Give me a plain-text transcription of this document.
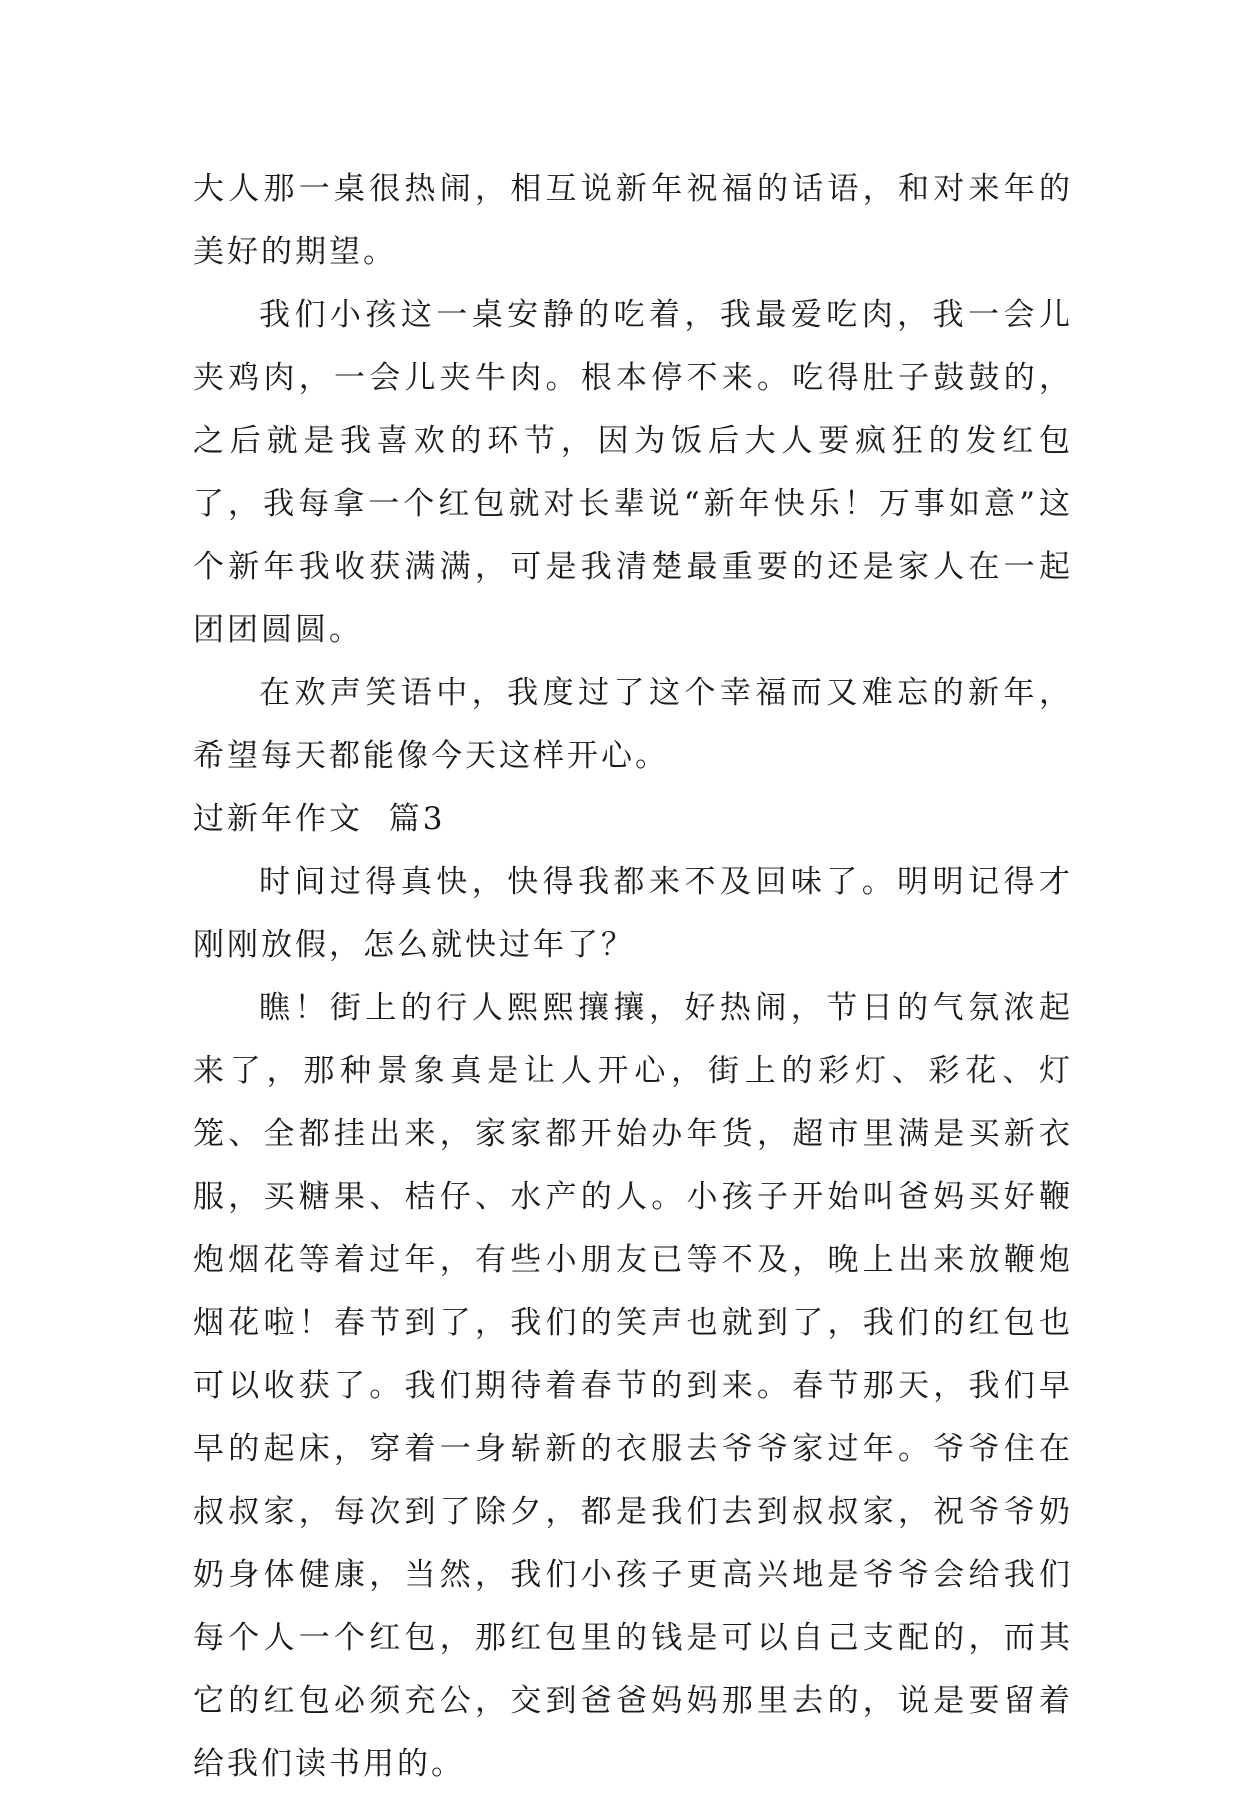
大人那一桌很热闹，相互说新年祝福的话语，和对来年的美好的期望。

我们小孩这一桌安静的吃着，我最爱吃肉，我一会儿夹鸡肉，一会儿夹牛肉。根本停不来。吃得肚子鼓鼓的，之后就是我喜欢的环节，因为饭后大人要疯狂的发红包了，我每拿一个红包就对长辈说“新年快乐！万事如意”这个新年我收获满满，可是我清楚最重要的还是家人在一起团团圆圆。

在欢声笑语中，我度过了这个幸福而又难忘的新年，希望每天都能像今天这样开心。

过新年作文  篇3

时间过得真快，快得我都来不及回味了。明明记得才刚刚放假，怎么就快过年了？

瞧！街上的行人熙熙攘攘，好热闹，节日的气氛浓起来了，那种景象真是让人开心，街上的彩灯、彩花、灯笼、全都挂出来，家家都开始办年货，超市里满是买新衣服，买糖果、桔仔、水产的人。小孩子开始叫爸妈买好鞭炮烟花等着过年，有些小朋友已等不及，晚上出来放鞭炮烟花啦！春节到了，我们的笑声也就到了，我们的红包也可以收获了。我们期待着春节的到来。春节那天，我们早早的起床，穿着一身崭新的衣服去爷爷家过年。爷爷住在叔叔家，每次到了除夕，都是我们去到叔叔家，祝爷爷奶奶身体健康，当然，我们小孩子更高兴地是爷爷会给我们每个人一个红包，那红包里的钱是可以自己支配的，而其它的红包必须充公，交到爸爸妈妈那里去的，说是要留着给我们读书用的。
